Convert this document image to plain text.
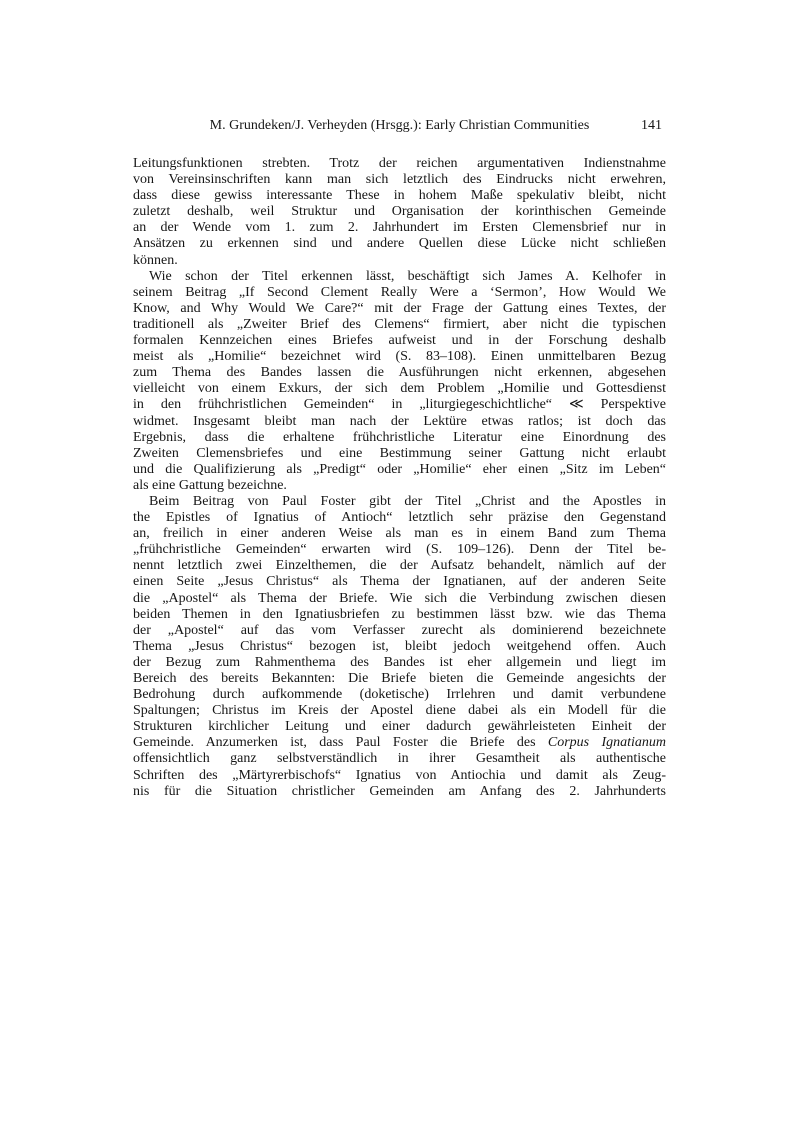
M. Grundeken/J. Verheyden (Hrsgg.): Early Christian Communities	141
Leitungsfunktionen strebten. Trotz der reichen argumentativen Indienstnahme
von Vereinsinschriften kann man sich letztlich des Eindrucks nicht erwehren,
dass diese gewiss interessante These in hohem Maße spekulativ bleibt, nicht
zuletzt deshalb, weil Struktur und Organisation der korinthischen Gemeinde
an der Wende vom 1. zum 2. Jahrhundert im Ersten Clemensbrief nur in
Ansätzen zu erkennen sind und andere Quellen diese Lücke nicht schließen
können.
Wie schon der Titel erkennen lässt, beschäftigt sich James A. Kelhofer in
seinem Beitrag „If Second Clement Really Were a ‘Sermon’, How Would We
Know, and Why Would We Care?“ mit der Frage der Gattung eines Textes, der
traditionell als „Zweiter Brief des Clemens“ firmiert, aber nicht die typischen
formalen Kennzeichen eines Briefes aufweist und in der Forschung deshalb
meist als „Homilie“ bezeichnet wird (S. 83–108). Einen unmittelbaren Bezug
zum Thema des Bandes lassen die Ausführungen nicht erkennen, abgesehen
vielleicht von einem Exkurs, der sich dem Problem „Homilie und Gottesdienst
in den frühchristlichen Gemeinden“ in „liturgiegeschichtliche“ ≪ Perspektive
widmet. Insgesamt bleibt man nach der Lektüre etwas ratlos; ist doch das
Ergebnis, dass die erhaltene frühchristliche Literatur eine Einordnung des
Zweiten Clemensbriefes und eine Bestimmung seiner Gattung nicht erlaubt
und die Qualifizierung als „Predigt“ oder „Homilie“ eher einen „Sitz im Leben“
als eine Gattung bezeichne.
Beim Beitrag von Paul Foster gibt der Titel „Christ and the Apostles in
the Epistles of Ignatius of Antioch“ letztlich sehr präzise den Gegenstand
an, freilich in einer anderen Weise als man es in einem Band zum Thema
„frühchristliche Gemeinden“ erwarten wird (S. 109–126). Denn der Titel be-
nennt letztlich zwei Einzelthemen, die der Aufsatz behandelt, nämlich auf der
einen Seite „Jesus Christus“ als Thema der Ignatianen, auf der anderen Seite
die „Apostel“ als Thema der Briefe. Wie sich die Verbindung zwischen diesen
beiden Themen in den Ignatiusbriefen zu bestimmen lässt bzw. wie das Thema
der „Apostel“ auf das vom Verfasser zurecht als dominierend bezeichnete
Thema „Jesus Christus“ bezogen ist, bleibt jedoch weitgehend offen. Auch
der Bezug zum Rahmenthema des Bandes ist eher allgemein und liegt im
Bereich des bereits Bekannten: Die Briefe bieten die Gemeinde angesichts der
Bedrohung durch aufkommende (doketische) Irrlehren und damit verbundene
Spaltungen; Christus im Kreis der Apostel diene dabei als ein Modell für die
Strukturen kirchlicher Leitung und einer dadurch gewährleisteten Einheit der
Gemeinde. Anzumerken ist, dass Paul Foster die Briefe des Corpus Ignatianum
offensichtlich ganz selbstverständlich in ihrer Gesamtheit als authentische
Schriften des „Märtyrerbischofs“ Ignatius von Antiochia und damit als Zeug-
nis für die Situation christlicher Gemeinden am Anfang des 2. Jahrhunderts
